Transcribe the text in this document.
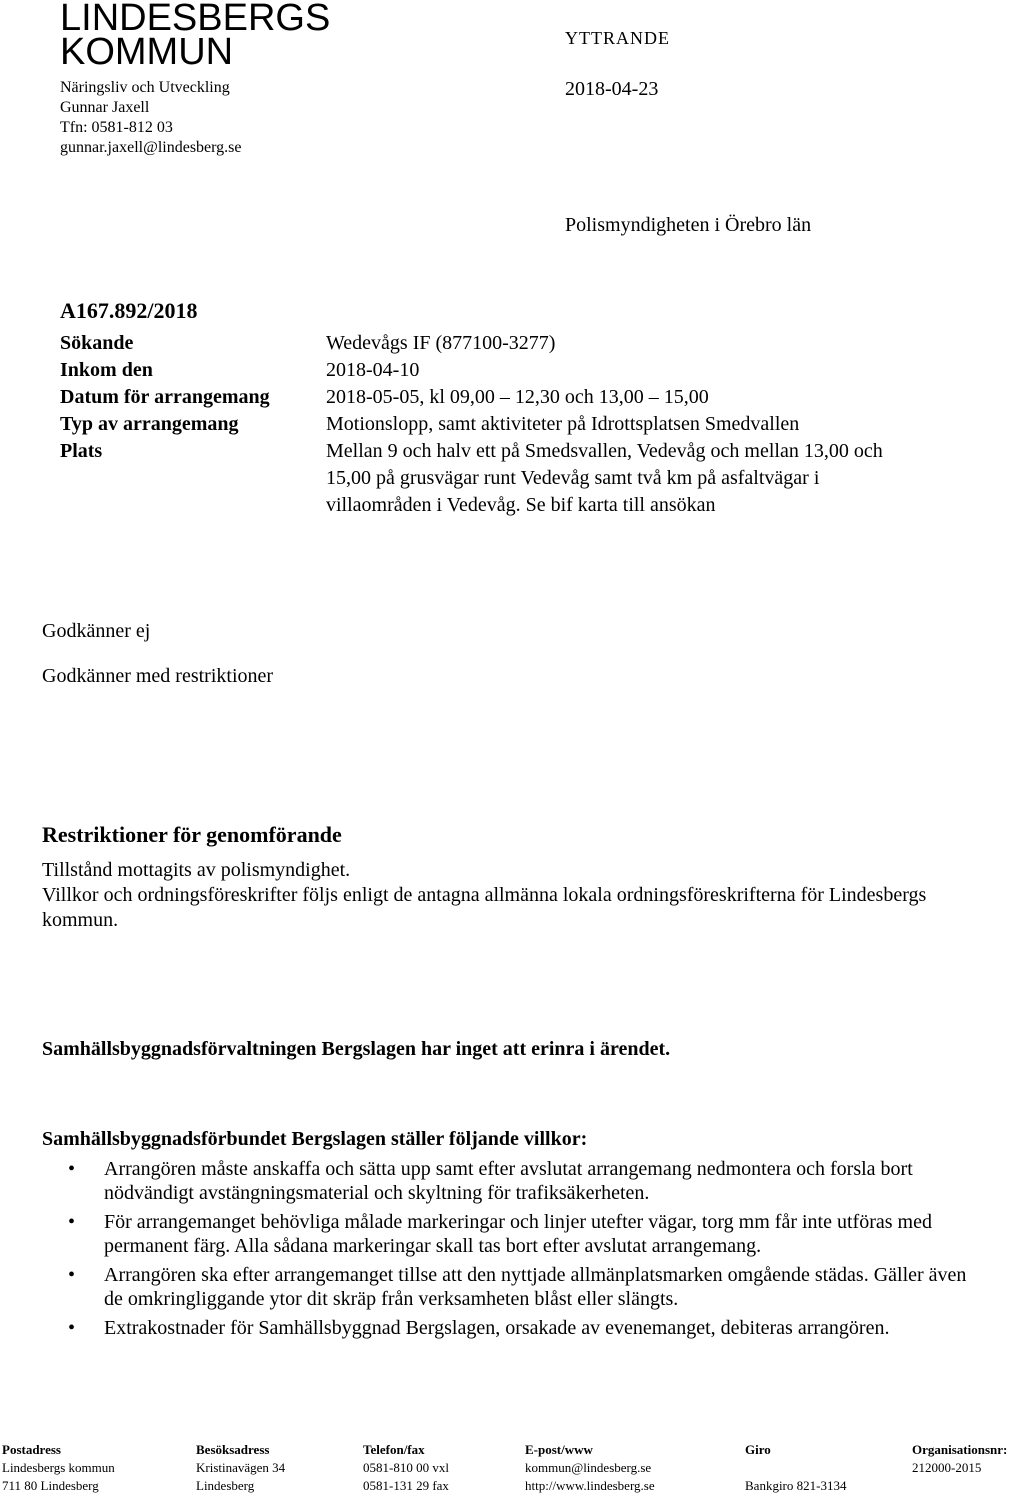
LINDESBERGS
KOMMUN
Näringsliv och Utveckling
Gunnar Jaxell
Tfn: 0581-812 03
gunnar.jaxell@lindesberg.se
YTTRANDE
2018-04-23
Polismyndigheten i Örebro län
A167.892/2018
Sökande	Wedevågs IF (877100-3277)
Inkom den	2018-04-10
Datum för arrangemang	2018-05-05, kl 09,00 – 12,30 och 13,00 – 15,00
Typ av arrangemang	Motionslopp, samt aktiviteter på Idrottsplatsen Smedvallen
Plats	Mellan 9 och halv ett på Smedsvallen, Vedevåg och mellan 13,00 och 15,00 på grusvägar runt Vedevåg samt två km på asfaltvägar i villaområden i Vedevåg. Se bif karta till ansökan
Godkänner ej
Godkänner med restriktioner
Restriktioner för genomförande
Tillstånd mottagits av polismyndighet.
Villkor och ordningsföreskrifter följs enligt de antagna allmänna lokala ordningsföreskrifterna för Lindesbergs kommun.
Samhällsbyggnadsförvaltningen Bergslagen har inget att erinra i ärendet.
Samhällsbyggnadsförbundet Bergslagen ställer följande villkor:
• Arrangören måste anskaffa och sätta upp samt efter avslutat arrangemang nedmontera och forsla bort nödvändigt avstängningsmaterial och skyltning för trafiksäkerheten.
• För arrangemanget behövliga målade markeringar och linjer utefter vägar, torg mm får inte utföras med permanent färg. Alla sådana markeringar skall tas bort efter avslutat arrangemang.
• Arrangören ska efter arrangemanget tillse att den nyttjade allmänplatsmarken omgående städas. Gäller även de omkringliggande ytor dit skräp från verksamheten blåst eller slängts.
• Extrakostnader för Samhällsbyggnad Bergslagen, orsakade av evenemanget, debiteras arrangören.
Postadress
Lindesbergs kommun
711 80 Lindesberg
Besöksadress
Kristinavägen 34
Lindesberg
Telefon/fax
0581-810 00 vxl
0581-131 29 fax
E-post/www
kommun@lindesberg.se
http://www.lindesberg.se
Giro

Bankgiro 821-3134
Organisationsnr:
212000-2015
